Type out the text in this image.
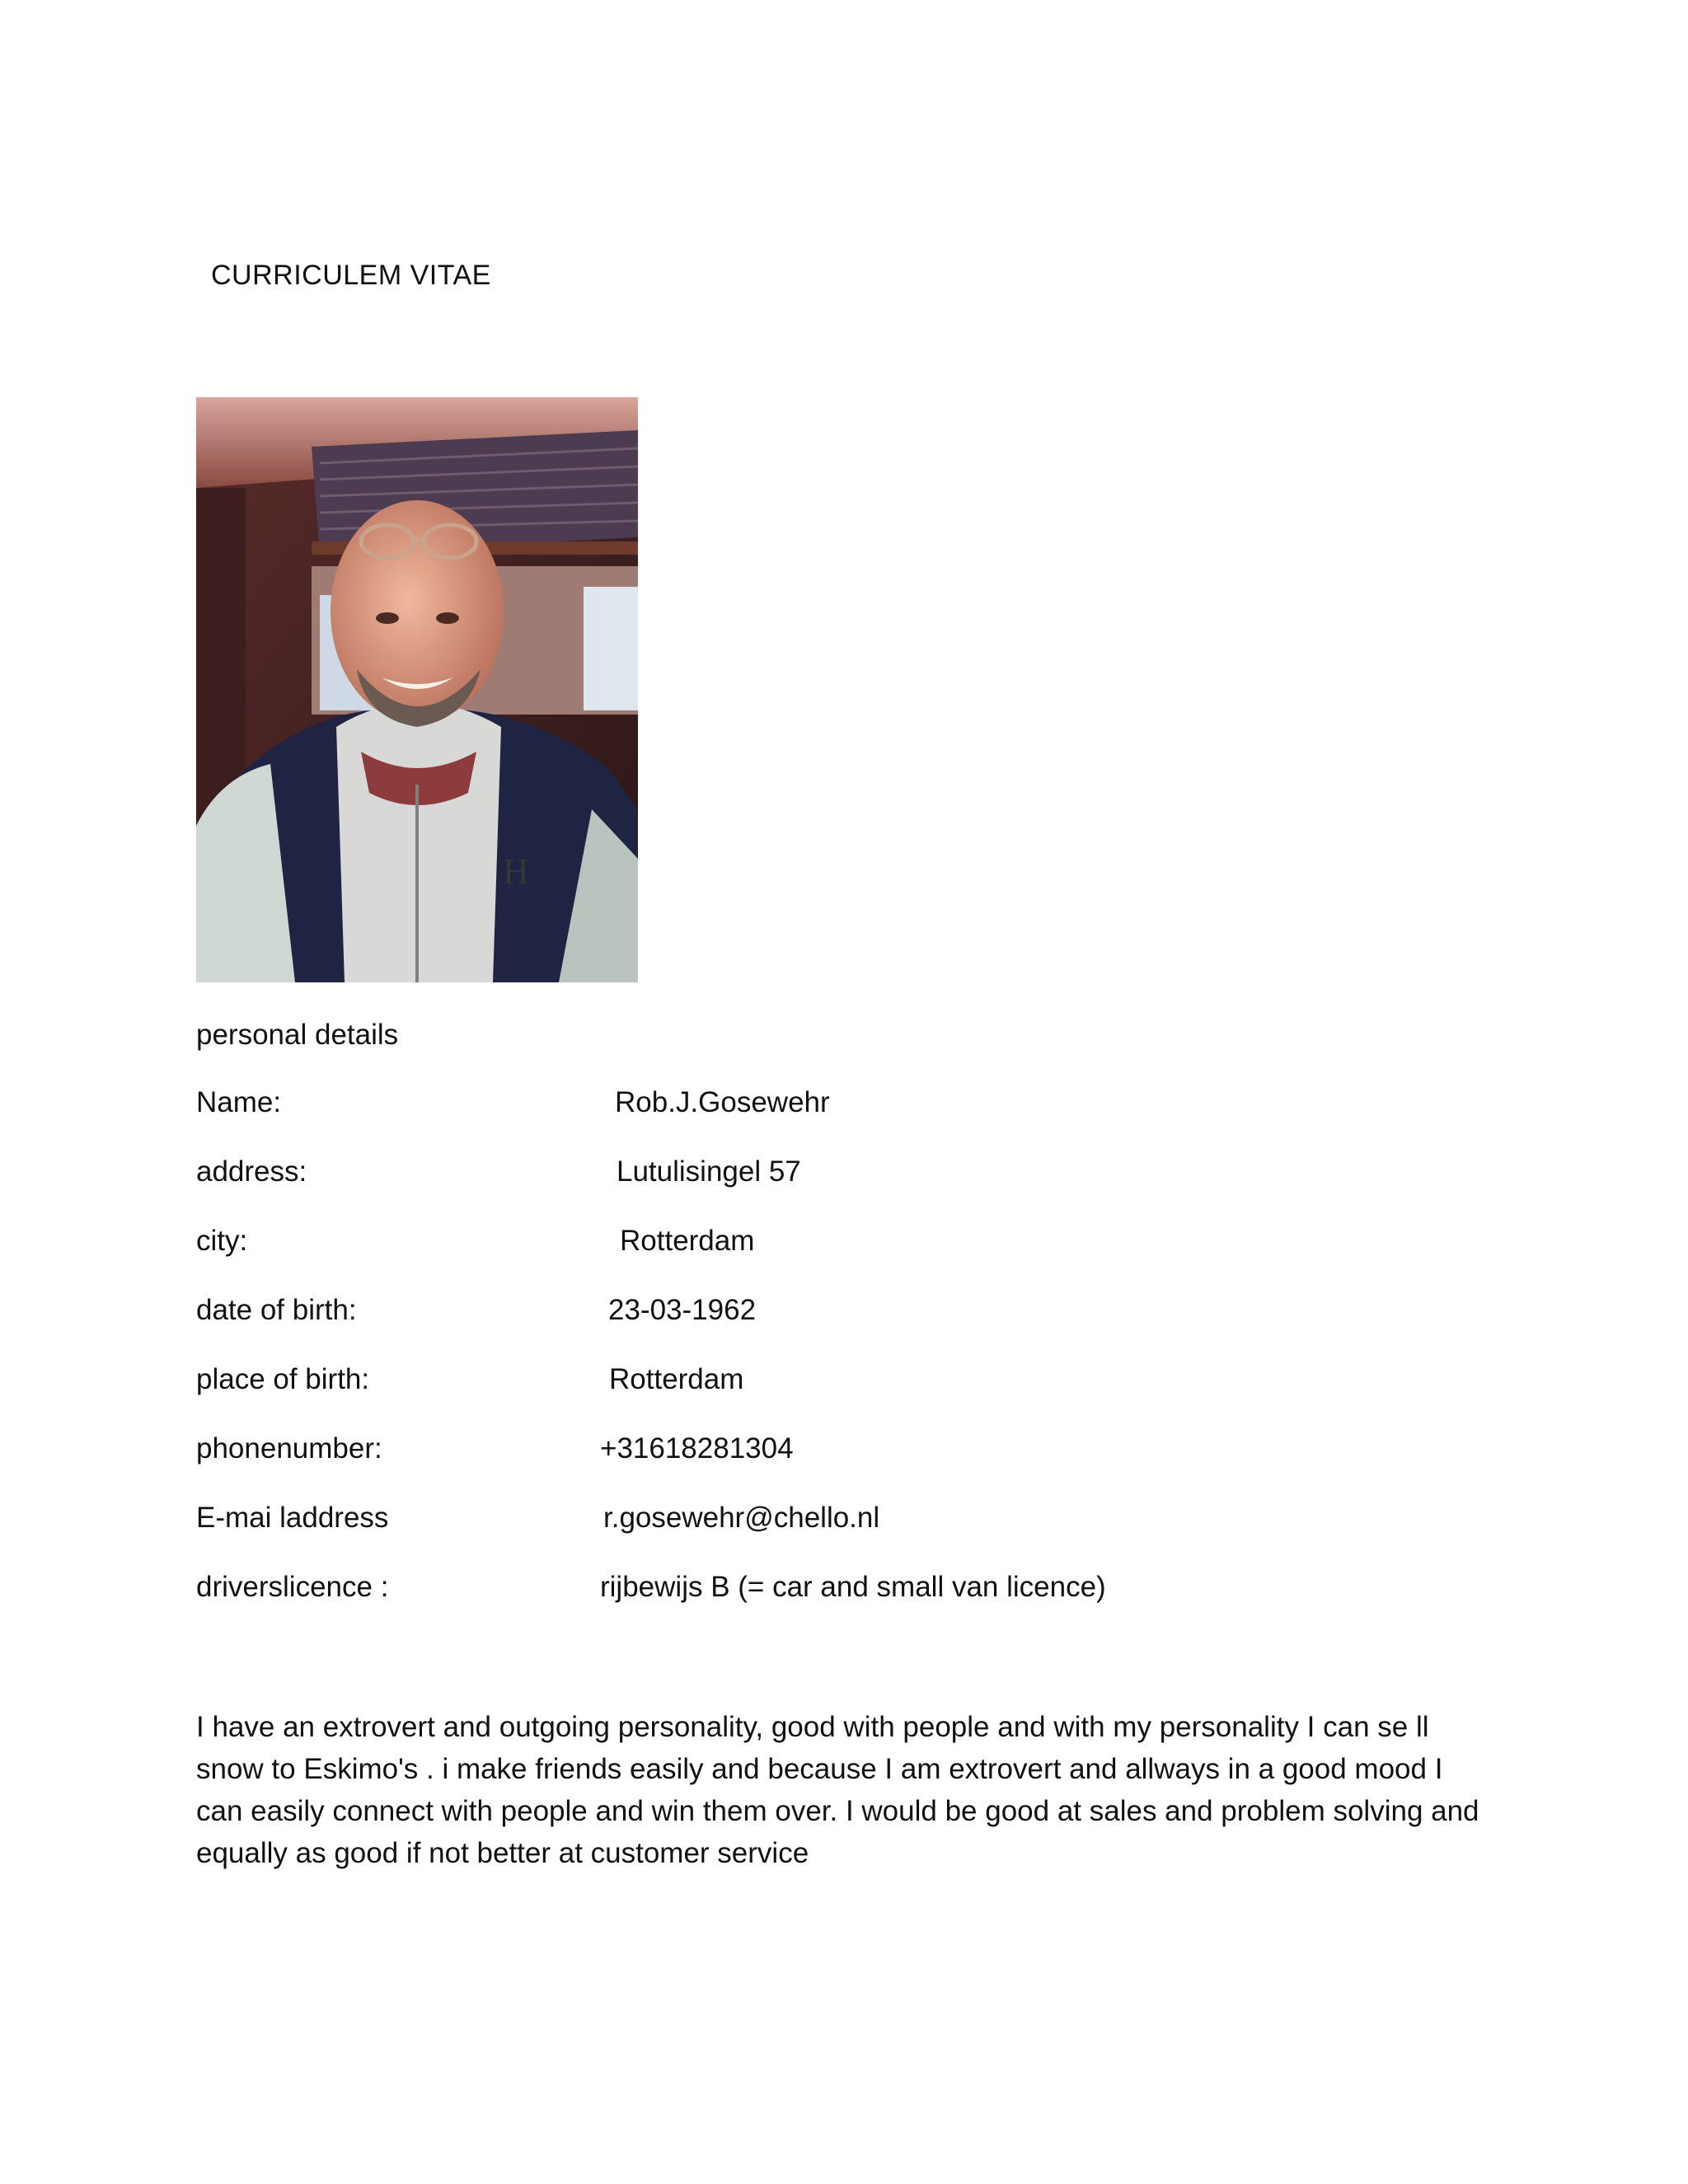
CURRICULEM VITAE
H
personal details
Name:	Rob.J.Gosewehr
address:	Lutulisingel 57
city:	Rotterdam
date of birth:	23-03-1962
place of birth:	Rotterdam
phonenumber:	+31618281304
E-mai laddress	r.gosewehr@chello.nl
driverslicence :	rijbewijs B (= car and small van licence)
I have an extrovert and outgoing personality, good with people and with my personality I can se ll snow to Eskimo's . i make friends easily and because I am extrovert and allways in a good mood I can easily connect with people and win them over. I would be good at sales and problem solving and equally as good if not better at customer service
